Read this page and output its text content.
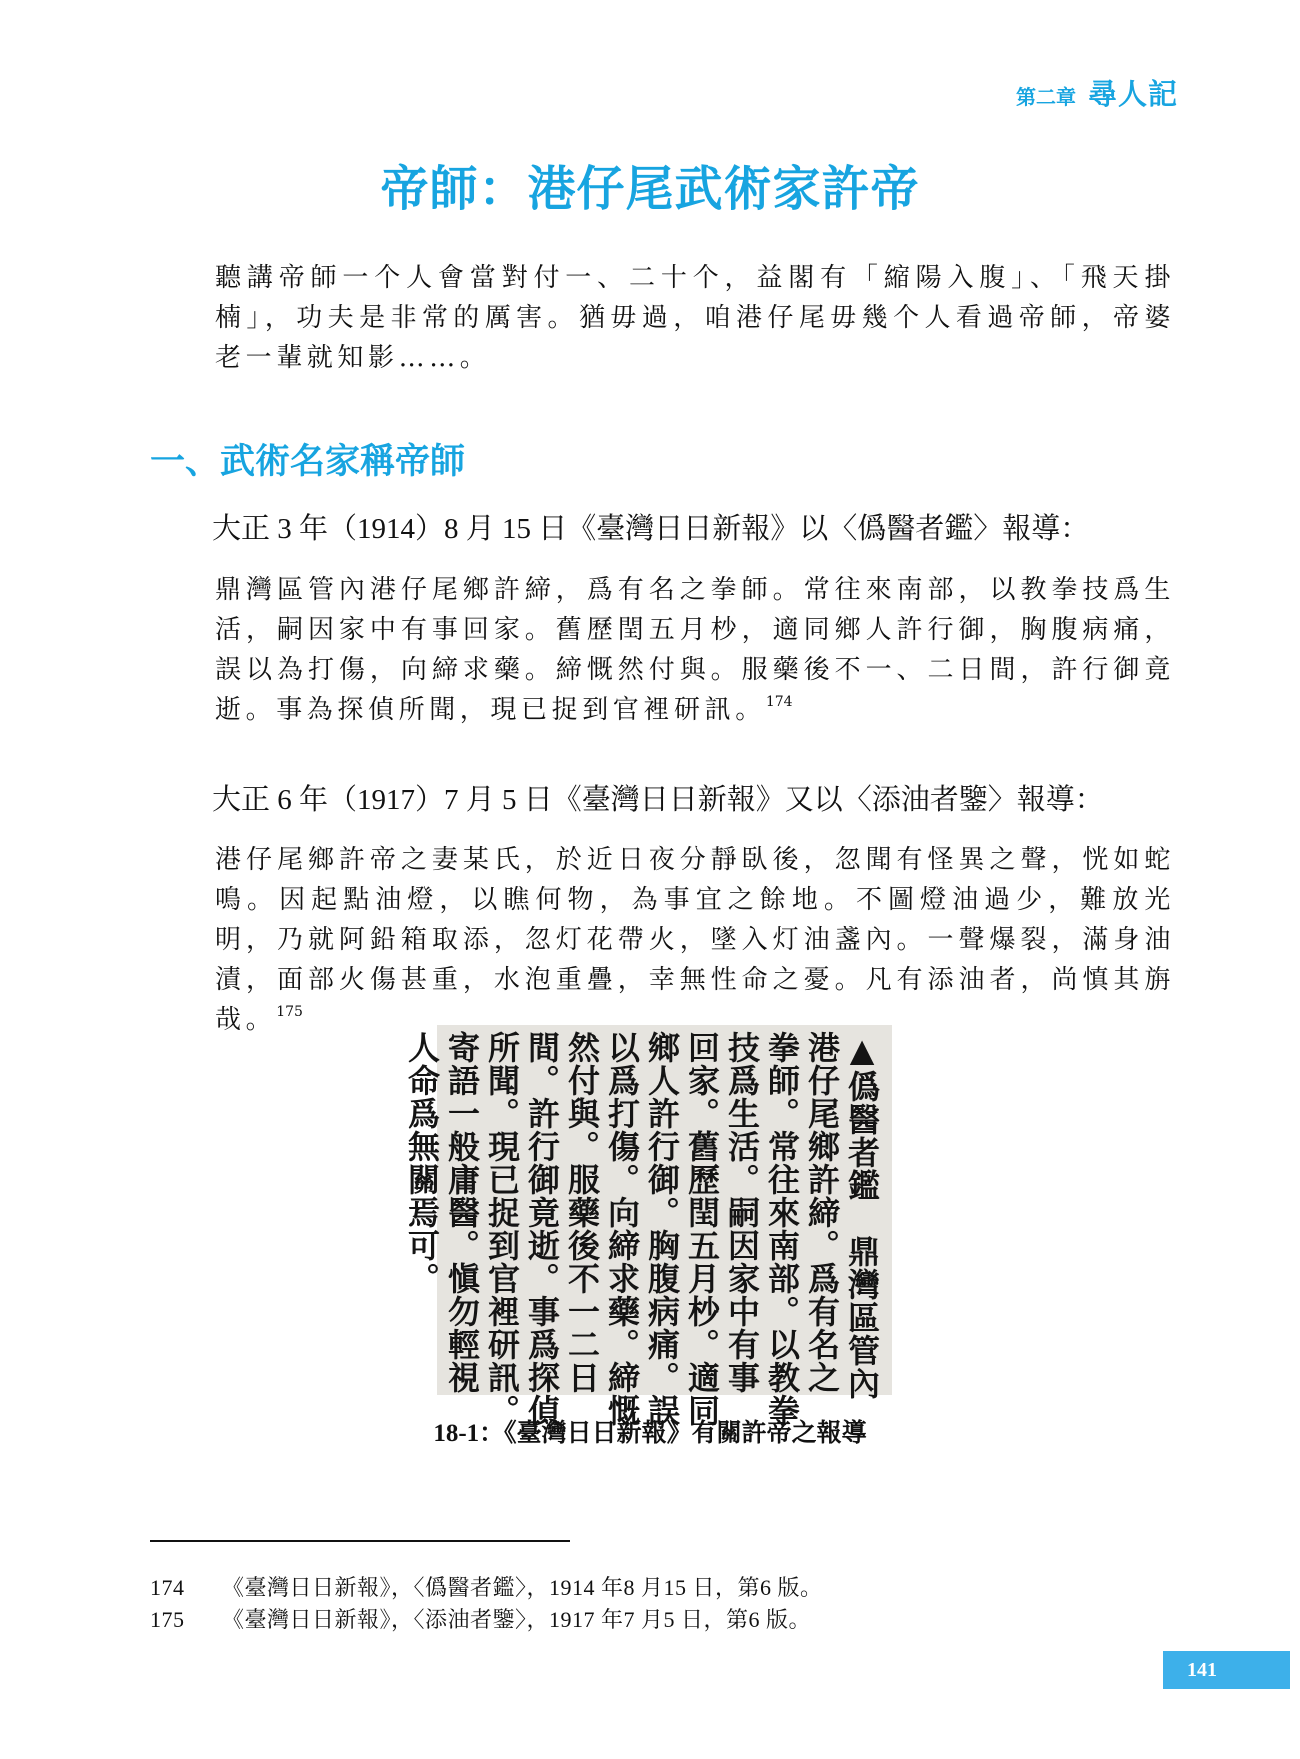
第二章 尋人記
帝師：港仔尾武術家許帝

聽講帝師一个人會當對付一、二十个，益閣有「縮陽入腹」、「飛天掛楠」，功夫是非常的厲害。猶毋過，咱港仔尾毋幾个人看過帝師，帝婆老一輩就知影……。

一、武術名家稱帝師

大正 3 年（1914）8 月 15 日《臺灣日日新報》以〈僞醫者鑑〉報導：

鼎灣區管內港仔尾鄉許締，爲有名之拳師。常往來南部，以教拳技爲生活，嗣因家中有事回家。舊歷閏五月杪，適同鄉人許行御，胸腹病痛，誤以為打傷，向締求藥。締慨然付與。服藥後不一、二日間，許行御竟逝。事為探偵所聞，現已捉到官裡研訊。$^{174}$

大正 6 年（1917）7 月 5 日《臺灣日日新報》又以〈添油者鑒〉報導：

港仔尾鄉許帝之妻某氏，於近日夜分靜臥後，忽聞有怪異之聲，恍如蛇鳴。因起點油燈，以瞧何物，為事宜之餘地。不圖燈油過少，難放光明，乃就阿鉛箱取添，忽灯花帶火，墜入灯油盞內。一聲爆裂，滿身油漬，面部火傷甚重，水泡重疊，幸無性命之憂。凡有添油者，尚慎其旃哉。$^{175}$

▲僞醫者鑑　鼎灣區管內
港仔尾鄉許締。爲有名之
拳師。常往來南部。以教拳
技爲生活。嗣因家中有事
回家。舊歷閏五月杪。適同
鄉人許行御。胸腹病痛。誤
以爲打傷。向締求藥。締慨
然付與。服藥後不一二日
間。許行御竟逝。事爲探偵
所聞。現已捉到官裡研訊。
寄語一般庸醫。愼勿輕視
人命爲無關焉可。

18-1：《臺灣日日新報》有關許帝之報導

174 《臺灣日日新報》，〈僞醫者鑑〉，1914 年8 月15 日，第6 版。

175 《臺灣日日新報》，〈添油者鑒〉，1917 年7 月5 日，第6 版。

141
